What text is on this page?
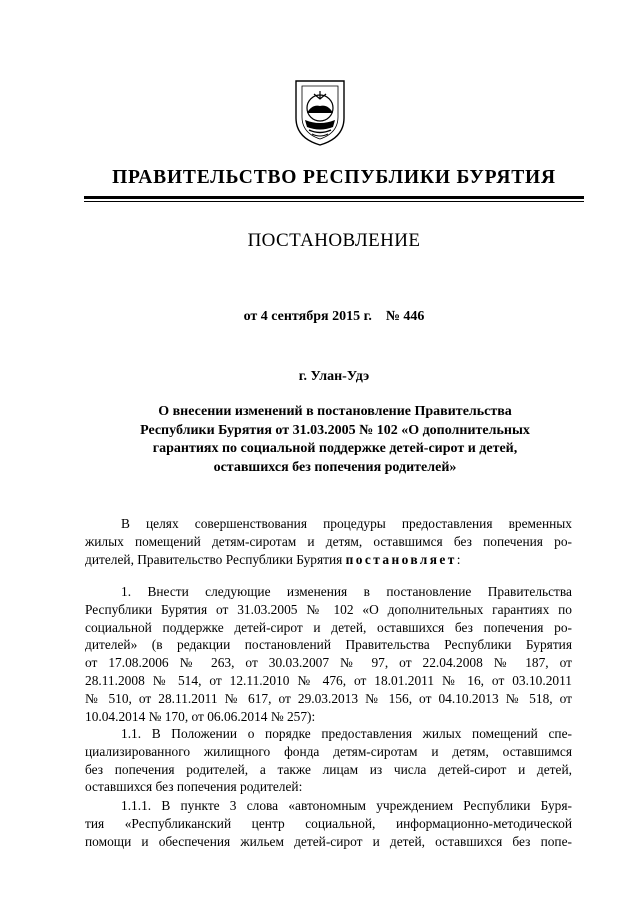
ПРАВИТЕЛЬСТВО РЕСПУБЛИКИ БУРЯТИЯ
ПОСТАНОВЛЕНИЕ
от 4 сентября 2015 г.    № 446
г. Улан-Удэ
О внесении изменений в постановление Правительства
Республики Бурятия от 31.03.2005 № 102 «О дополнительных
гарантиях по социальной поддержке детей-сирот и детей,
оставшихся без попечения родителей»
В целях совершенствования процедуры предоставления временных
жилых помещений детям-сиротам и детям, оставшимся без попечения ро-
дителей, Правительство Республики Бурятия постановляет:
1. Внести следующие изменения в постановление Правительства
Республики Бурятия от 31.03.2005 № 102 «О дополнительных гарантиях по
социальной поддержке детей-сирот и детей, оставшихся без попечения ро-
дителей» (в редакции постановлений Правительства Республики Бурятия
от 17.08.2006 № 263, от 30.03.2007 № 97, от 22.04.2008 № 187, от
28.11.2008 № 514, от 12.11.2010 № 476, от 18.01.2011 № 16, от 03.10.2011
№ 510, от 28.11.2011 № 617, от 29.03.2013 № 156, от 04.10.2013 № 518, от
10.04.2014 № 170, от 06.06.2014 № 257):
1.1. В Положении о порядке предоставления жилых помещений спе-
циализированного жилищного фонда детям-сиротам и детям, оставшимся
без попечения родителей, а также лицам из числа детей-сирот и детей,
оставшихся без попечения родителей:
1.1.1. В пункте 3 слова «автономным учреждением Республики Буря-
тия «Республиканский центр социальной, информационно-методической
помощи и обеспечения жильем детей-сирот и детей, оставшихся без попе-
